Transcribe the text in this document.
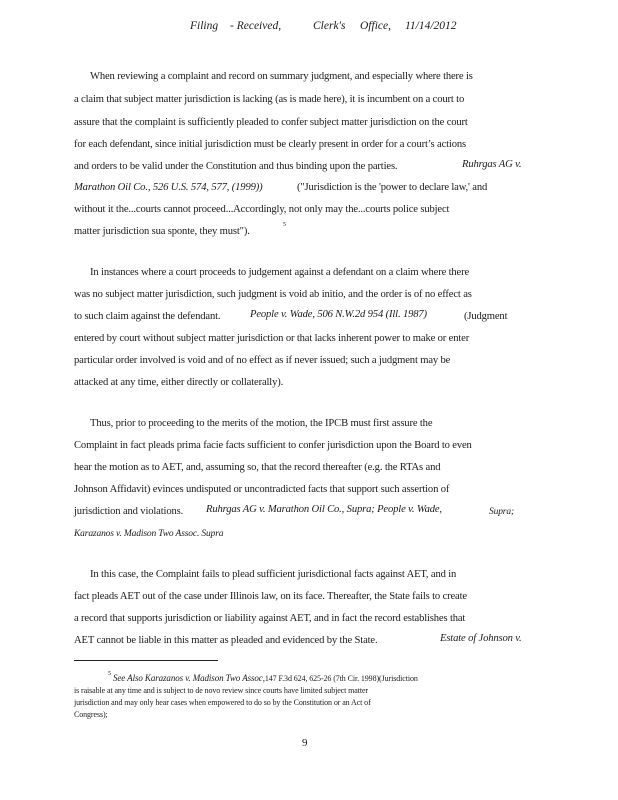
Filing - Received,	Clerk's Office, 11/14/2012
When reviewing a complaint and record on summary judgment, and especially where there is
a claim that subject matter jurisdiction is lacking (as is made here), it is incumbent on a court to
assure that the complaint is sufficiently pleaded to confer subject matter jurisdiction on the court
for each defendant, since initial jurisdiction must be clearly present in order for a court’s actions
and orders to be valid under the Constitution and thus binding upon the parties.	Ruhrgas AG v.
Marathon Oil Co., 526 U.S. 574, 577, (1999))	("Jurisdiction is the 'power to declare law,' and
without it the...courts cannot proceed...Accordingly, not only may the...courts police subject
matter jurisdiction sua sponte, they must").
5
In instances where a court proceeds to judgement against a defendant on a claim where there
was no subject matter jurisdiction, such judgment is void ab initio, and the order is of no effect as
to such claim against the defendant.	People v. Wade, 506 N.W.2d 954 (Ill. 1987)	(Judgment
entered by court without subject matter jurisdiction or that lacks inherent power to make or enter
particular order involved is void and of no effect as if never issued; such a judgment may be
attacked at any time, either directly or collaterally).
Thus, prior to proceeding to the merits of the motion, the IPCB must first assure the
Complaint in fact pleads prima facie facts sufficient to confer jurisdiction upon the Board to even
hear the motion as to AET, and, assuming so, that the record thereafter (e.g. the RTAs and
Johnson Affidavit) evinces undisputed or uncontradicted facts that support such assertion of
jurisdiction and violations. Ruhrgas AG v. Marathon Oil Co., Supra; People v. Wade,	Supra;
Karazanos v. Madison Two Assoc. Supra
In this case, the Complaint fails to plead sufficient jurisdictional facts against AET, and in
fact pleads AET out of the case under Illinois law, on its face. Thereafter, the State fails to create
a record that supports jurisdiction or liability against AET, and in fact the record establishes that
AET cannot be liable in this matter as pleaded and evidenced by the State.	Estate of Johnson v.
5 See Also Karazanos v. Madison Two Assoc,147 F.3d 624, 625-26 (7th Cir. 1998)(Jurisdiction
is raisable at any time and is subject to de novo review since courts have limited subject matter
jurisdiction and may only hear cases when empowered to do so by the Constitution or an Act of
Congress);
9
